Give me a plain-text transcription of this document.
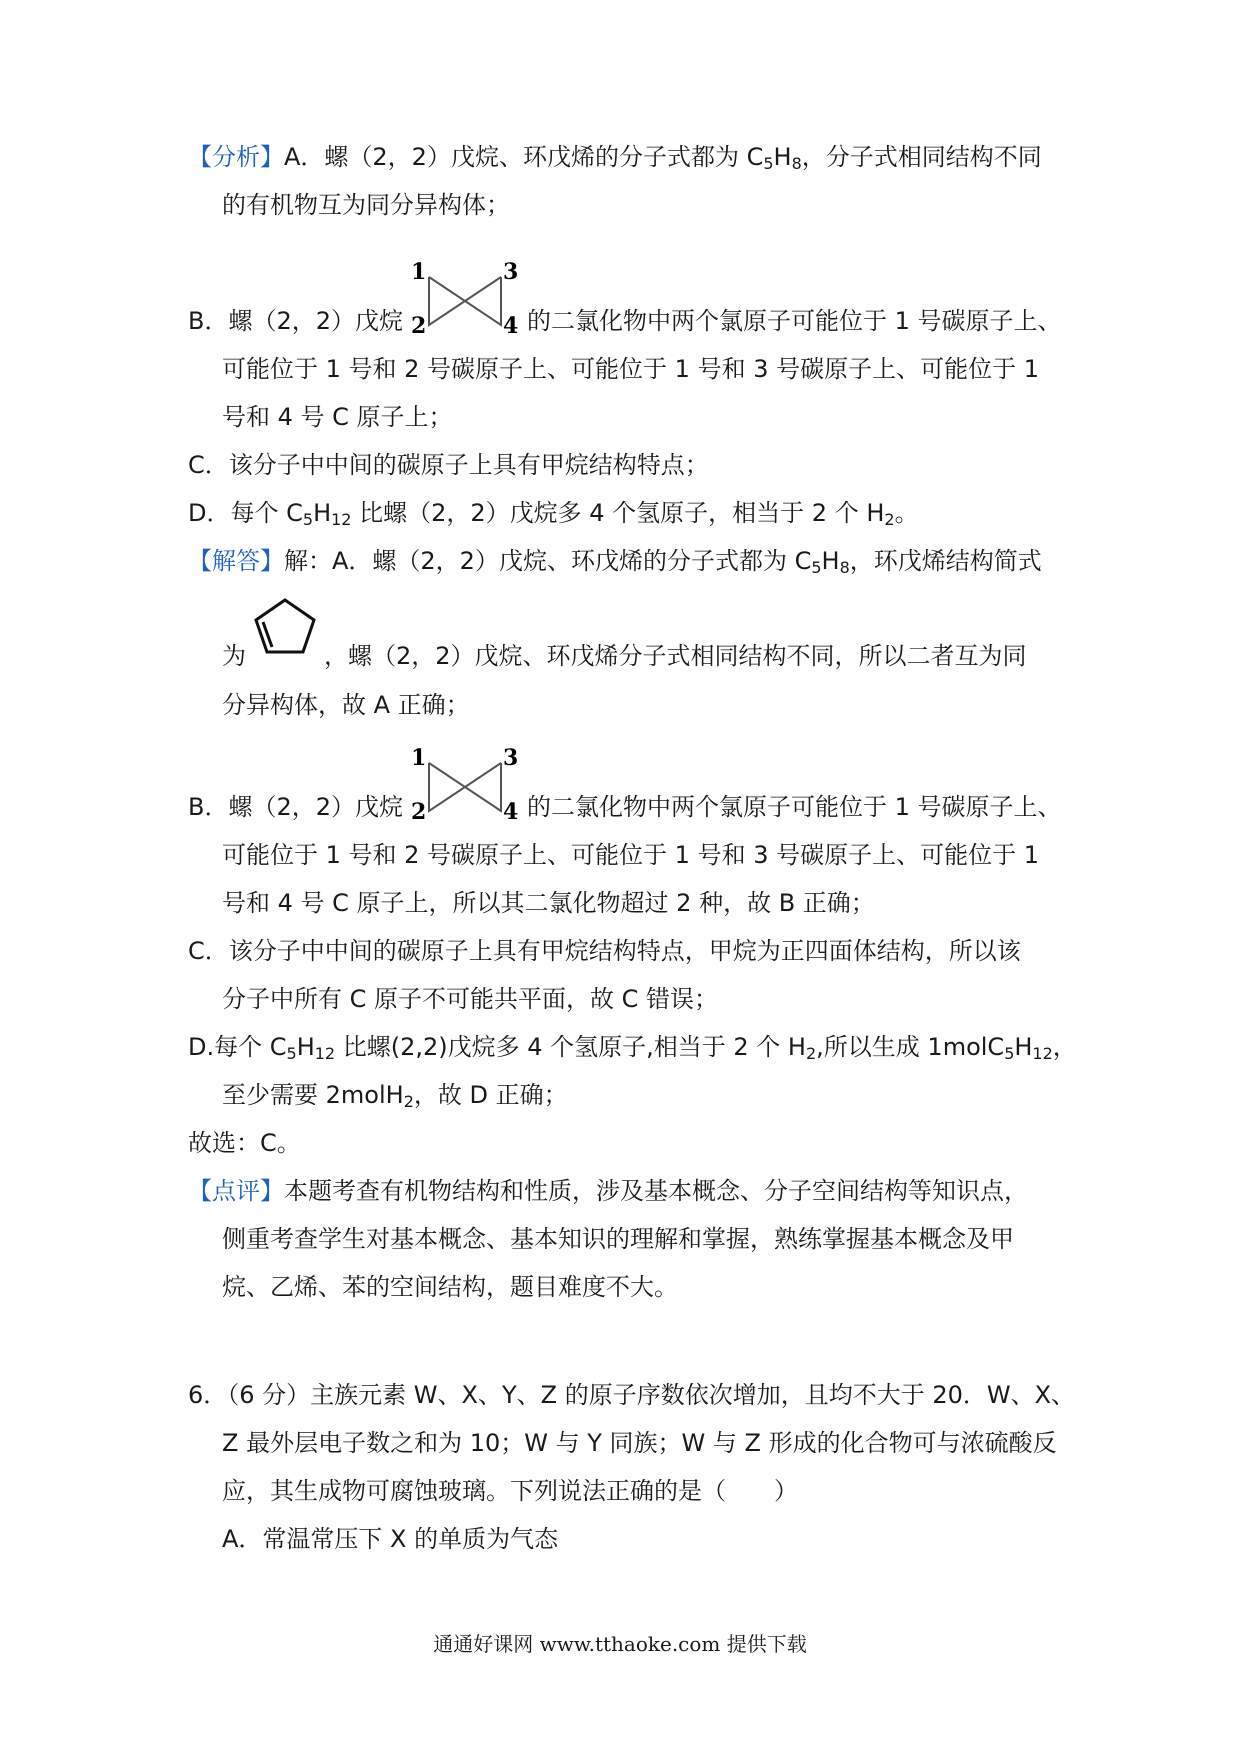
【分析】A．螺（2，2）戊烷、环戊烯的分子式都为 $C_5H_8$，分子式相同结构不同
的有机物互为同分异构体；
B．螺（2，2）戊烷
1
2
3
4 的二氯化物中两个氯原子可能位于 1 号碳原子上、
可能位于 1 号和 2 号碳原子上、可能位于 1 号和 3 号碳原子上、可能位于 1
号和 4 号 C 原子上；
C．该分子中中间的碳原子上具有甲烷结构特点；
D．每个 $C_5H_{12}$ 比螺（2，2）戊烷多 4 个氢原子，相当于 2 个 $H_2$。
【解答】解：A．螺（2，2）戊烷、环戊烯的分子式都为 $C_5H_8$，环戊烯结构简式
为	，螺（2，2）戊烷、环戊烯分子式相同结构不同，所以二者互为同
分异构体，故 A 正确；
B．螺（2，2）戊烷
1
2
3
4 的二氯化物中两个氯原子可能位于 1 号碳原子上、
可能位于 1 号和 2 号碳原子上、可能位于 1 号和 3 号碳原子上、可能位于 1
号和 4 号 C 原子上，所以其二氯化物超过 2 种，故 B 正确；
C．该分子中中间的碳原子上具有甲烷结构特点，甲烷为正四面体结构，所以该
分子中所有 C 原子不可能共平面，故 C 错误；
D.每个 $C_5H_{12}$ 比螺(2,2)戊烷多 4 个氢原子,相当于 2 个 $H_2$,所以生成 $1molC_5H_{12}$，
至少需要 2molH$_2$，故 D 正确；
故选：C。
【点评】本题考查有机物结构和性质，涉及基本概念、分子空间结构等知识点，
侧重考查学生对基本概念、基本知识的理解和掌握，熟练掌握基本概念及甲
烷、乙烯、苯的空间结构，题目难度不大。
6．（6 分）主族元素 W、X、Y、Z 的原子序数依次增加，且均不大于 20．W、X、
Z 最外层电子数之和为 10；W 与 Y 同族；W 与 Z 形成的化合物可与浓硫酸反
应，其生成物可腐蚀玻璃。下列说法正确的是（　　）
A．常温常压下 X 的单质为气态
通通好课网 www.tthaoke.com 提供下载
